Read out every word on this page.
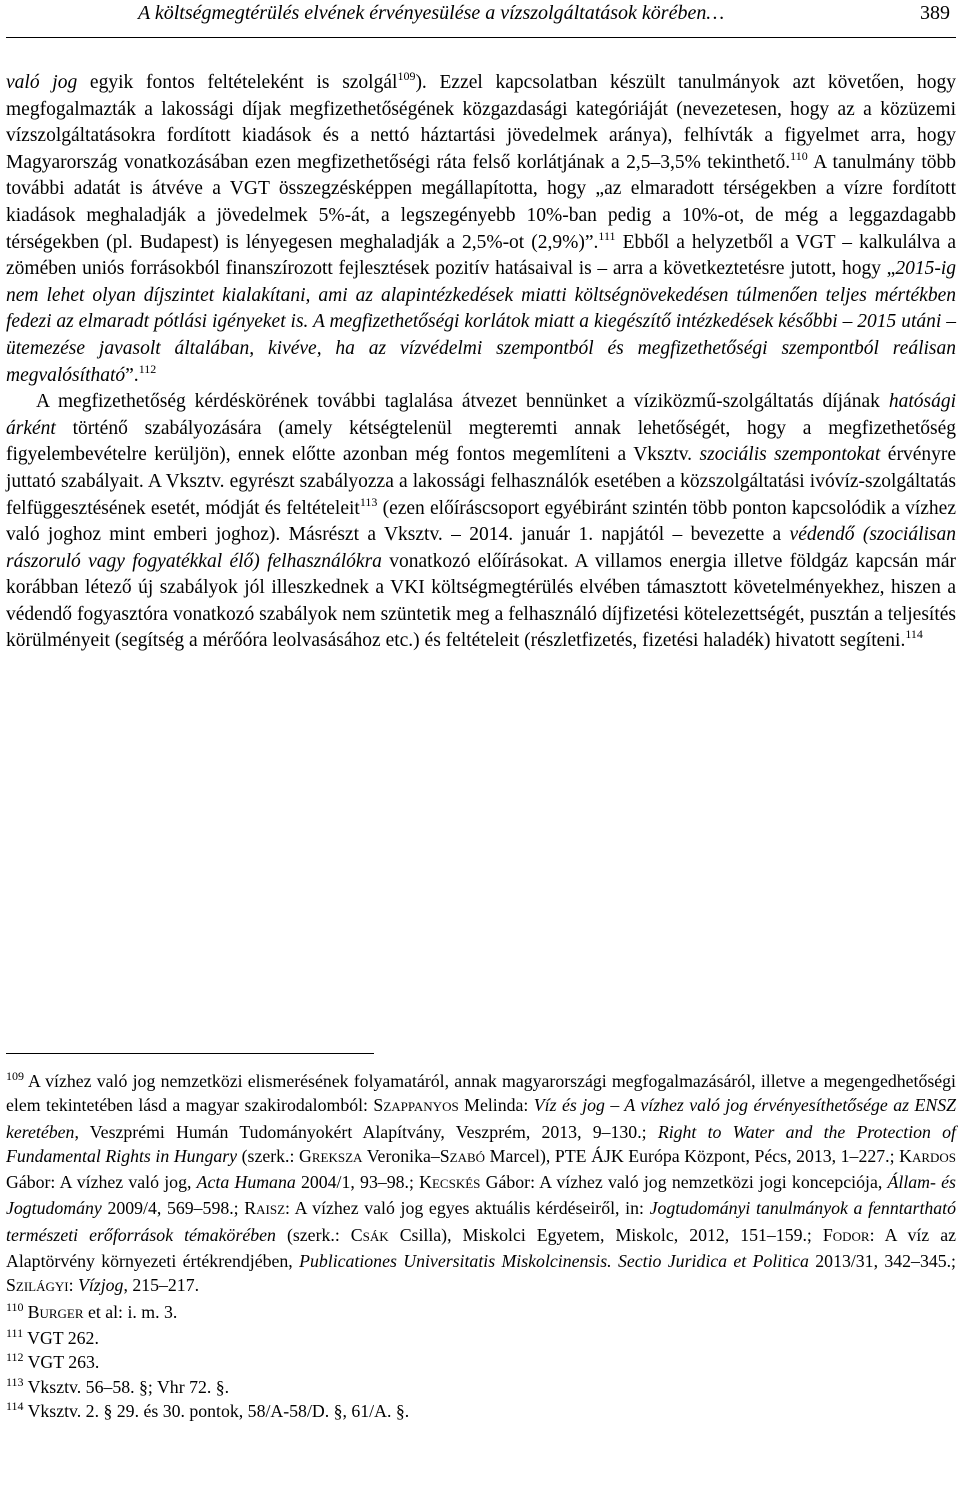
A költségmegtérülés elvének érvényesülése a vízszolgáltatások körében…	389

való jog egyik fontos feltételeként is szolgál$^{109}$). Ezzel kapcsolatban készült tanulmányok azt követően, hogy megfogalmazták a lakossági díjak megfizethetőségének közgazdasági kategóriáját (nevezetesen, hogy az a közüzemi vízszolgáltatásokra fordított kiadások és a nettó háztartási jövedelmek aránya), felhívták a figyelmet arra, hogy Magyarország vonatkozásában ezen megfizethetőségi ráta felső korlátjának a 2,5–3,5% tekinthető.$^{110}$ A tanulmány több további adatát is átvéve a VGT összegzésképpen megállapította, hogy „az elmaradott térségekben a vízre fordított kiadások meghaladják a jövedelmek 5%-át, a legszegényebb 10%-ban pedig a 10%-ot, de még a leggazdagabb térségekben (pl. Budapest) is lényegesen meghaladják a 2,5%-ot (2,9%)”.$^{111}$ Ebből a helyzetből a VGT – kalkulálva a zömében uniós forrásokból finanszírozott fejlesztések pozitív hatásaival is – arra a következtetésre jutott, hogy „2015-ig nem lehet olyan díjszintet kialakítani, ami az alapintézkedések miatti költségnövekedésen túlmenően teljes mértékben fedezi az elmaradt pótlási igényeket is. A megfizethetőségi korlátok miatt a kiegészítő intézkedések későbbi – 2015 utáni – ütemezése javasolt általában, kivéve, ha az vízvédelmi szempontból és megfizethetőségi szempontból reálisan megvalósítható”.$^{112}$

A megfizethetőség kérdéskörének további taglalása átvezet bennünket a víziközmű-szolgáltatás díjának hatósági árként történő szabályozására (amely kétségtelenül megteremti annak lehetőségét, hogy a megfizethetőség figyelembevételre kerüljön), ennek előtte azonban még fontos megemlíteni a Vksztv. szociális szempontokat érvényre juttató szabályait. A Vksztv. egyrészt szabályozza a lakossági felhasználók esetében a közszolgáltatási ivóvíz-szolgáltatás felfüggesztésének esetét, módját és feltételeit$^{113}$ (ezen előíráscsoport egyébiránt szintén több ponton kapcsolódik a vízhez való joghoz mint emberi joghoz). Másrészt a Vksztv. – 2014. január 1. napjától – bevezette a védendő (szociálisan rászoruló vagy fogyatékkal élő) felhasználókra vonatkozó előírásokat. A villamos energia illetve földgáz kapcsán már korábban létező új szabályok jól illeszkednek a VKI költségmegtérülés elvében támasztott követelményekhez, hiszen a védendő fogyasztóra vonatkozó szabályok nem szüntetik meg a felhasználó díjfizetési kötelezettségét, pusztán a teljesítés körülményeit (segítség a mérőóra leolvasásához etc.) és feltételeit (részletfizetés, fizetési haladék) hivatott segíteni.$^{114}$

$^{109}$ A vízhez való jog nemzetközi elismerésének folyamatáról, annak magyarországi megfogalmazásáról, illetve a megengedhetőségi elem tekintetében lásd a magyar szakirodalomból: SZAPPANYOS Melinda: Víz és jog – A vízhez való jog érvényesíthetősége az ENSZ keretében, Veszprémi Humán Tudományokért Alapítvány, Veszprém, 2013, 9–130.; Right to Water and the Protection of Fundamental Rights in Hungary (szerk.: GREKSZA Veronika–SZABÓ Marcel), PTE ÁJK Európa Központ, Pécs, 2013, 1–227.; KARDOS Gábor: A vízhez való jog, Acta Humana 2004/1, 93–98.; KECSKÉS Gábor: A vízhez való jog nemzetközi jogi koncepciója, Állam- és Jogtudomány 2009/4, 569–598.; RAISZ: A vízhez való jog egyes aktuális kérdéseiről, in: Jogtudományi tanulmányok a fenntartható természeti erőforrások témakörében (szerk.: CSÁK Csilla), Miskolci Egyetem, Miskolc, 2012, 151–159.; FODOR: A víz az Alaptörvény környezeti értékrendjében, Publicationes Universitatis Miskolcinensis. Sectio Juridica et Politica 2013/31, 342–345.; SZILÁGYI: Vízjog, 215–217.

$^{110}$ BURGER et al: i. m. 3.

$^{111}$ VGT 262.

$^{112}$ VGT 263.

$^{113}$ Vksztv. 56–58. §; Vhr 72. §.

$^{114}$ Vksztv. 2. § 29. és 30. pontok, 58/A-58/D. §, 61/A. §.
